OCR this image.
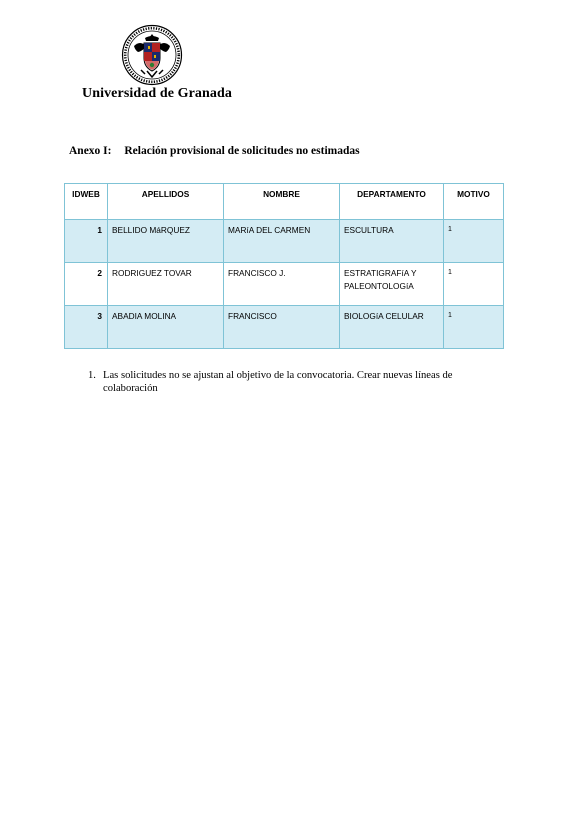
Universidad de Granada
Anexo I: Relación provisional de solicitudes no estimadas
IDWEB	APELLIDOS	NOMBRE	DEPARTAMENTO	MOTIVO
1	BELLIDO MáRQUEZ	MARíA DEL CARMEN	ESCULTURA	1
2	RODRIGUEZ TOVAR	FRANCISCO J.	ESTRATIGRAFíA Y PALEONTOLOGíA	1
3	ABADIA MOLINA	FRANCISCO	BIOLOGíA CELULAR	1
1. Las solicitudes no se ajustan al objetivo de la convocatoria. Crear nuevas líneas de colaboración
